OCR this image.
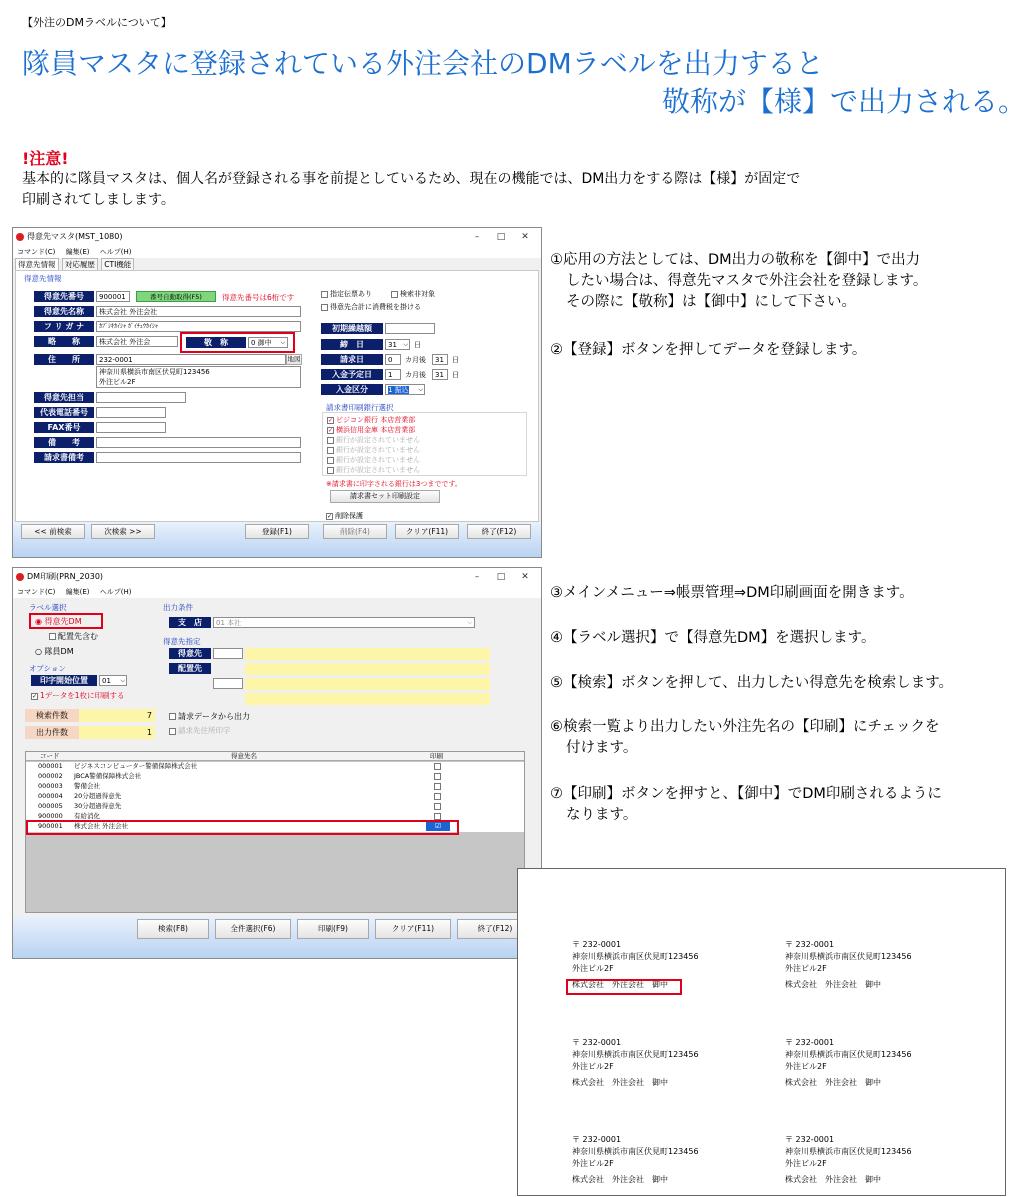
【外注のDMラベルについて】
隊員マスタに登録されている外注会社のDMラベルを出力すると
敬称が【様】で出力される。
!注意!
基本的に隊員マスタは、個人名が登録される事を前提としているため、現在の機能では、DM出力をする際は【様】が固定で
印刷されてしまします。
得意先マスタ(MST_1080)	–	□	✕
コマンド(C) 編集(E) ヘルプ(H)
得意先情報 対応履歴 CTI機能
得意先情報
得意先番号	900001	番号自動取得(F5)	得意先番号は6桁です
得意先名称	株式会社 外注会社
フ リ ガ ナ	ｶﾌﾞｼｷｶｲｼｬ ｶﾞｲﾁｭｳｶｲｼｬ
略　　称	株式会社 外注会	敬　称	0 御中 ⌵
住　　所	232-0001	地図
神奈川県横浜市南区伏見町123456
外注ビル2F
得意先担当
代表電話番号
FAX番号
備　　考
請求書備考
指定伝票あり	検索非対象
得意先合計に消費税を掛ける
初期繰越額
締　日	31 ⌵ 日
請求日	0	カ月後	31	日
入金予定日	1	カ月後	31	日
入金区分	1 振込 ⌵
請求書印刷銀行選択
✓ ビジコン銀行 本店営業部
✓ 横浜信用金庫 本店営業部
銀行が設定されていません
銀行が設定されていません
銀行が設定されていません
銀行が設定されていません
※請求書に印字される銀行は3つまでです。
請求書セット印刷設定
✓ 削除保護
<< 前検索	次検索 >>	登録(F1)	削除(F4)	クリア(F11)	終了(F12)
DM印刷(PRN_2030)	–	□	✕
コマンド(C) 編集(E) ヘルプ(H)
ラベル選択
◉ 得意先DM
配置先含む
○ 隊員DM
オプション
印字開始位置	01 ⌵
✓ 1データを1枚に印刷する
検索件数	7
出力件数	1
出力条件
支　店	01 本社	⌵
得意先指定
得意先
配置先
請求データから出力
請求先住所印字
コード	得意先名	印刷
000001 ビジネスコンピューター警備保障株式会社
000002 JBCA警備保障株式会社
000003 警備会社
000004 20分超過得意先
000005 30分超過得意先
900000 有給消化
900001 株式会社 外注会社	☑
検索(F8)	全件選択(F6)	印刷(F9)	クリア(F11)	終了(F12)
①応用の方法としては、DM出力の敬称を【御中】で出力
したい場合は、得意先マスタで外注会社を登録します。
その際に【敬称】は【御中】にして下さい。
②【登録】ボタンを押してデータを登録します。
③メインメニュー⇒帳票管理⇒DM印刷画面を開きます。
④【ラベル選択】で【得意先DM】を選択します。
⑤【検索】ボタンを押して、出力したい得意先を検索します。
⑥検索一覧より出力したい外注先名の【印刷】にチェックを
付けます。
⑦【印刷】ボタンを押すと、【御中】でDM印刷されるように
なります。
〒 232-0001
神奈川県横浜市南区伏見町123456
外注ビル2F
株式会社　外注会社　御中
〒 232-0001
神奈川県横浜市南区伏見町123456
外注ビル2F
株式会社　外注会社　御中
〒 232-0001
神奈川県横浜市南区伏見町123456
外注ビル2F
株式会社　外注会社　御中
〒 232-0001
神奈川県横浜市南区伏見町123456
外注ビル2F
株式会社　外注会社　御中
〒 232-0001
神奈川県横浜市南区伏見町123456
外注ビル2F
株式会社　外注会社　御中
〒 232-0001
神奈川県横浜市南区伏見町123456
外注ビル2F
株式会社　外注会社　御中
